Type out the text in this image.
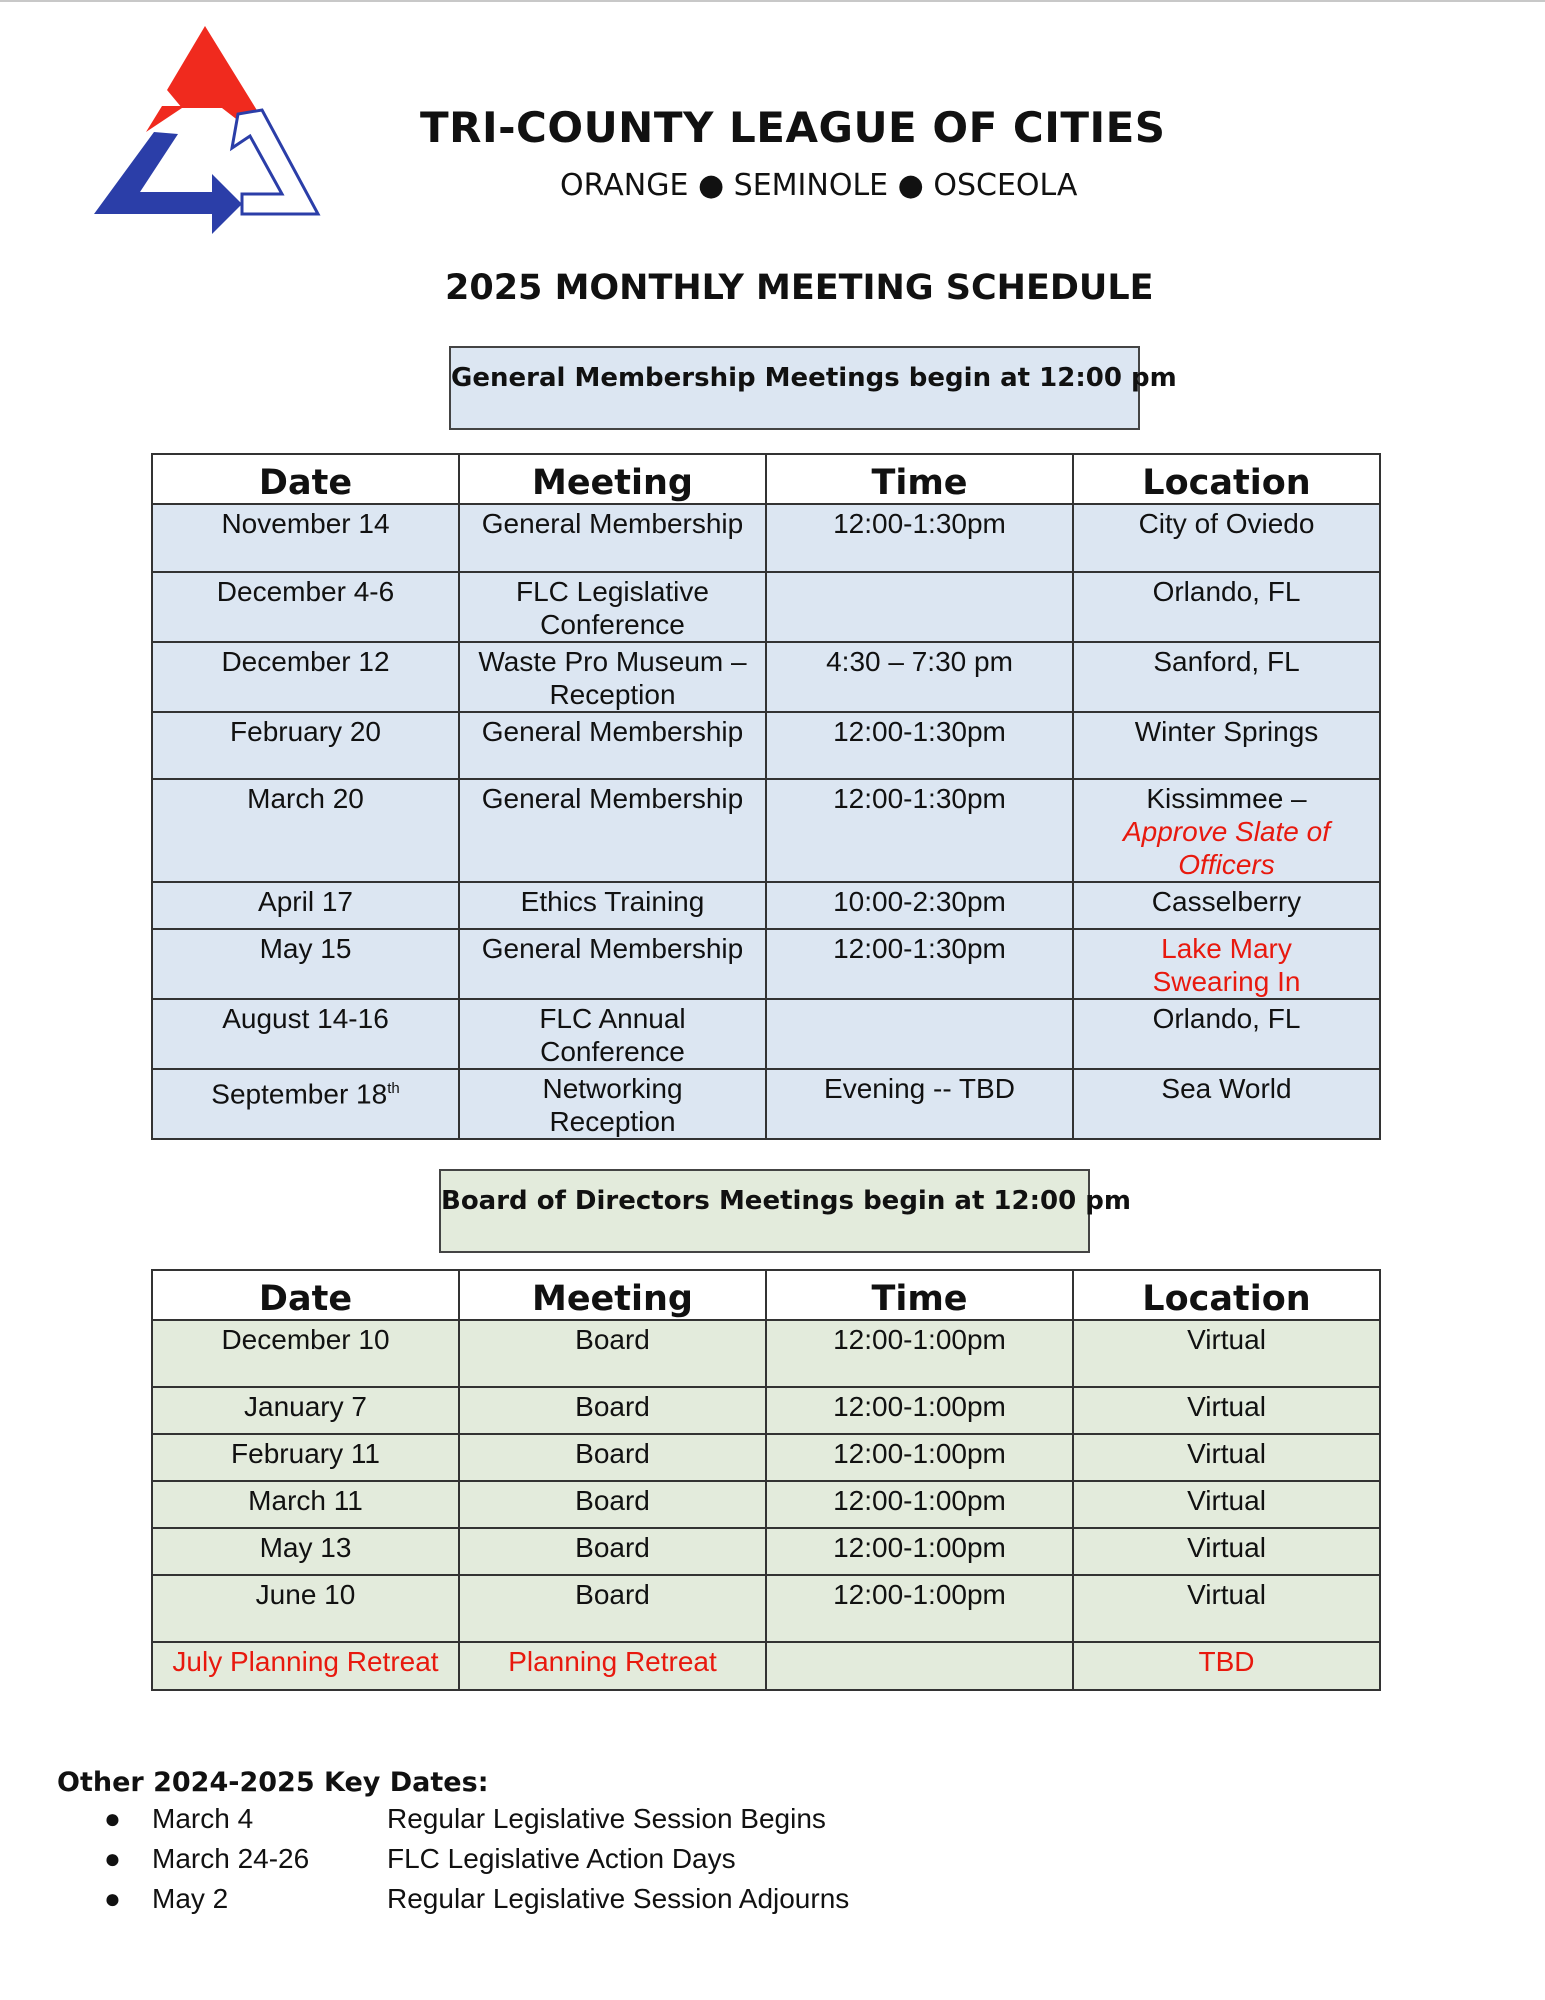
TRI-COUNTY LEAGUE OF CITIES
ORANGE ● SEMINOLE ● OSCEOLA
2025 MONTHLY MEETING SCHEDULE
General Membership Meetings begin at 12:00 pm
Date	Meeting	Time	Location
November 14	General Membership	12:00-1:30pm	City of Oviedo
December 4-6	FLC Legislative Conference		Orlando, FL
December 12	Waste Pro Museum – Reception	4:30 – 7:30 pm	Sanford, FL
February 20	General Membership	12:00-1:30pm	Winter Springs
March 20	General Membership	12:00-1:30pm	Kissimmee –
Approve Slate of Officers

April 17	Ethics Training	10:00-2:30pm	Casselberry
May 15	General Membership	12:00-1:30pm	Lake Mary Swearing In
August 14-16	FLC Annual Conference		Orlando, FL
September 18th	Networking Reception	Evening -- TBD	Sea World
Board of Directors Meetings begin at 12:00 pm
Date	Meeting	Time	Location
December 10	Board	12:00-1:00pm	Virtual
January 7	Board	12:00-1:00pm	Virtual
February 11	Board	12:00-1:00pm	Virtual
March 11	Board	12:00-1:00pm	Virtual
May 13	Board	12:00-1:00pm	Virtual
June 10	Board	12:00-1:00pm	Virtual
July Planning Retreat	Planning Retreat		TBD
Other 2024-2025 Key Dates:
● March 4	Regular Legislative Session Begins
● March 24-26	FLC Legislative Action Days
● May 2	Regular Legislative Session Adjourns
